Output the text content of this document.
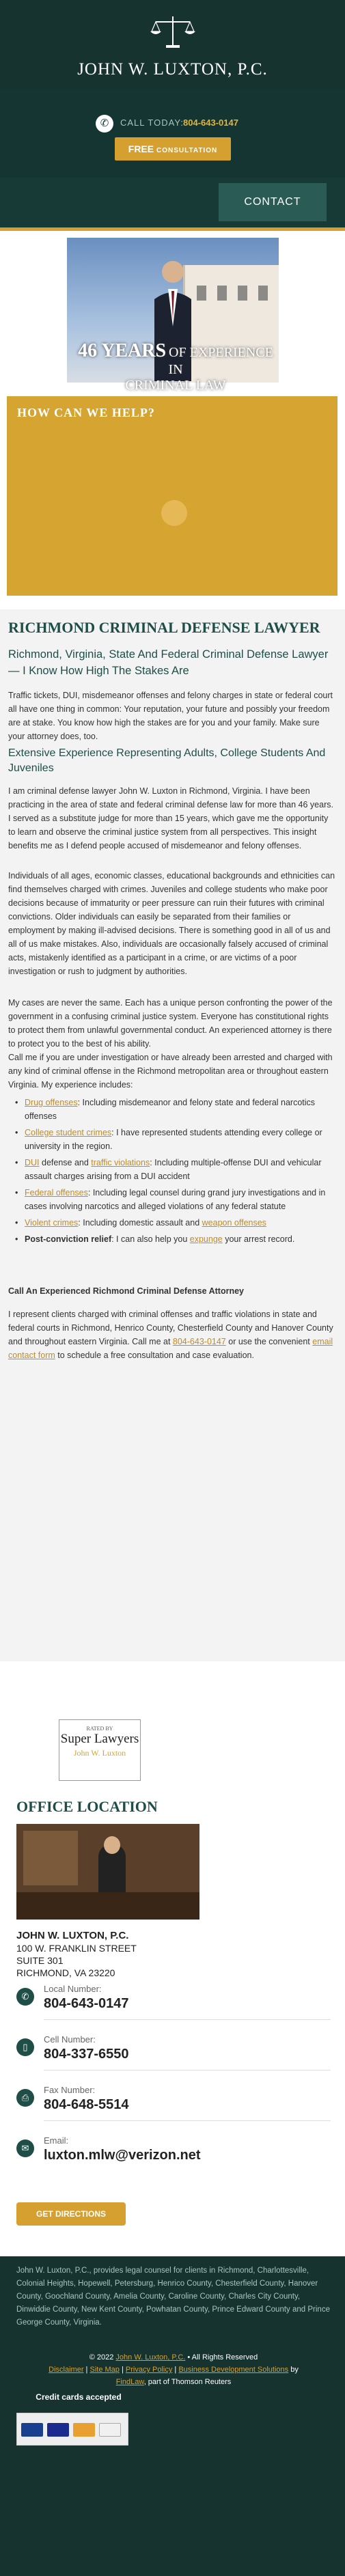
JOHN W. LUXTON, P.C.
✆	CALL TODAY: 804-643-0147
FREE CONSULTATION
CONTACT
46 YEARS OF EXPERIENCE IN
CRIMINAL LAW
HOW CAN WE HELP?
RICHMOND CRIMINAL DEFENSE LAWYER
Richmond, Virginia, State And Federal Criminal Defense Lawyer — I Know How High The Stakes Are
Traffic tickets, DUI, misdemeanor offenses and felony charges in state or federal court all have one thing in common: Your reputation, your future and possibly your freedom are at stake. You know how high the stakes are for you and your family. Make sure your attorney does, too.
Extensive Experience Representing Adults, College Students And Juveniles
I am criminal defense lawyer John W. Luxton in Richmond, Virginia. I have been practicing in the area of state and federal criminal defense law for more than 46 years. I served as a substitute judge for more than 15 years, which gave me the opportunity to learn and observe the criminal justice system from all perspectives. This insight benefits me as I defend people accused of misdemeanor and felony offenses.
Individuals of all ages, economic classes, educational backgrounds and ethnicities can find themselves charged with crimes. Juveniles and college students who make poor decisions because of immaturity or peer pressure can ruin their futures with criminal convictions. Older individuals can easily be separated from their families or employment by making ill-advised decisions. There is something good in all of us and all of us make mistakes. Also, individuals are occasionally falsely accused of criminal acts, mistakenly identified as a participant in a crime, or are victims of a poor investigation or rush to judgment by authorities.
My cases are never the same. Each has a unique person confronting the power of the government in a confusing criminal justice system. Everyone has constitutional rights to protect them from unlawful governmental conduct. An experienced attorney is there to protect you to the best of his ability.
Call me if you are under investigation or have already been arrested and charged with any kind of criminal offense in the Richmond metropolitan area or throughout eastern Virginia. My experience includes:
• Drug offenses: Including misdemeanor and felony state and federal narcotics offenses
• College student crimes: I have represented students attending every college or university in the region.
• DUI defense and traffic violations: Including multiple-offense DUI and vehicular assault charges arising from a DUI accident
• Federal offenses: Including legal counsel during grand jury investigations and in cases involving narcotics and alleged violations of any federal statute
• Violent crimes: Including domestic assault and weapon offenses
• Post-conviction relief: I can also help you expunge your arrest record.
Call An Experienced Richmond Criminal Defense Attorney
I represent clients charged with criminal offenses and traffic violations in state and federal courts in Richmond, Henrico County, Chesterfield County and Hanover County and throughout eastern Virginia. Call me at 804-643-0147 or use the convenient email contact form to schedule a free consultation and case evaluation.
RATED BY
Super Lawyers
John W. Luxton
OFFICE LOCATION
JOHN W. LUXTON, P.C.
100 W. FRANKLIN STREET
SUITE 301
RICHMOND, VA 23220
✆
Local Number:
804-643-0147
▯
Cell Number:
804-337-6550
⎙
Fax Number:
804-648-5514
✉
Email:
luxton.mlw@verizon.net
GET DIRECTIONS
John W. Luxton, P.C., provides legal counsel for clients in Richmond, Charlottesville, Colonial Heights, Hopewell, Petersburg, Henrico County, Chesterfield County, Hanover County, Goochland County, Amelia County, Caroline County, Charles City County, Dinwiddie County, New Kent County, Powhatan County, Prince Edward County and Prince George County, Virginia.
© 2022 John W. Luxton, P.C. • All Rights Reserved
Disclaimer | Site Map | Privacy Policy | Business Development Solutions by
FindLaw, part of Thomson Reuters
Credit cards accepted
